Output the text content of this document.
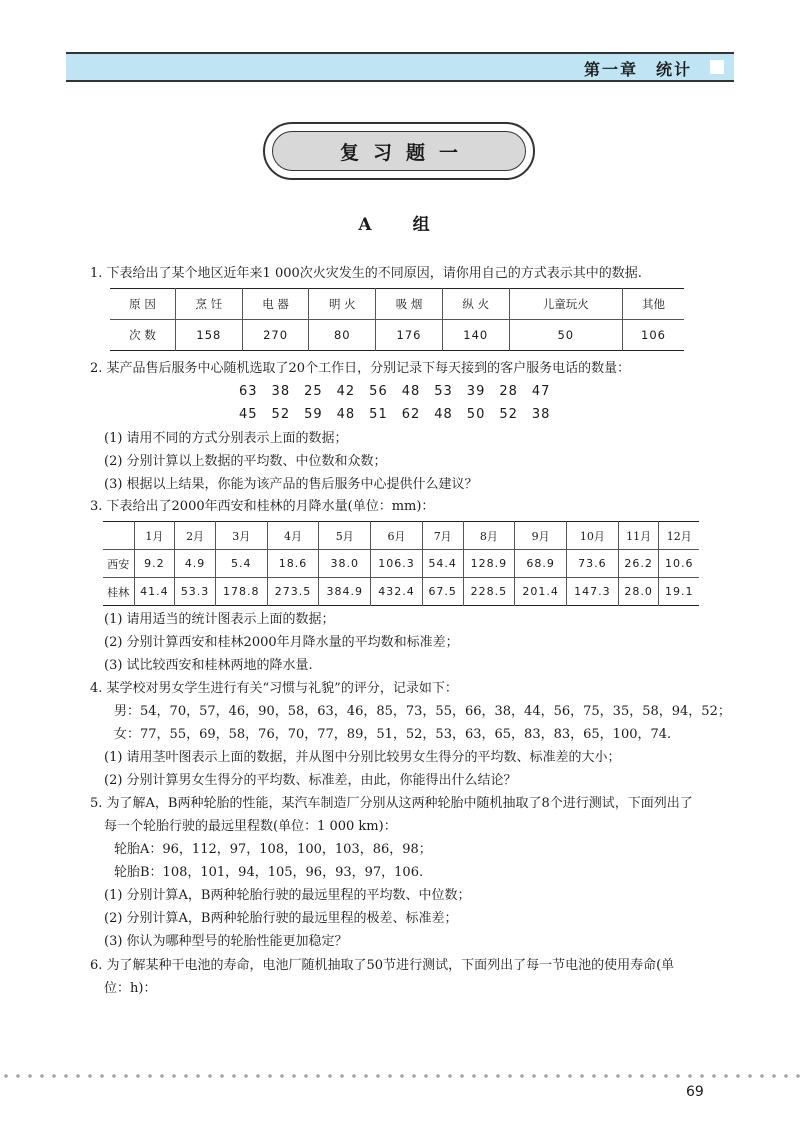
第一章　统计
复习题一
A　组
1. 下表给出了某个地区近年来1 000次火灾发生的不同原因，请你用自己的方式表示其中的数据.
原 因	烹 饪	电 器	明 火	吸 烟	纵 火	儿童玩火	其他
次 数	158	270	80	176	140	50	106
2. 某产品售后服务中心随机选取了20个工作日，分别记录下每天接到的客户服务电话的数量：
63　38　25　42　56　48　53　39　28　47
45　52　59　48　51　62　48　50　52　38
(1) 请用不同的方式分别表示上面的数据；
(2) 分别计算以上数据的平均数、中位数和众数；
(3) 根据以上结果，你能为该产品的售后服务中心提供什么建议？
3. 下表给出了2000年西安和桂林的月降水量(单位：mm)：
	1月	2月	3月	4月	5月	6月	7月	8月	9月	10月	11月	12月
西安	9.2	4.9	5.4	18.6	38.0	106.3	54.4	128.9	68.9	73.6	26.2	10.6
桂林	41.4	53.3	178.8	273.5	384.9	432.4	67.5	228.5	201.4	147.3	28.0	19.1
(1) 请用适当的统计图表示上面的数据；
(2) 分别计算西安和桂林2000年月降水量的平均数和标准差；
(3) 试比较西安和桂林两地的降水量.
4. 某学校对男女学生进行有关“习惯与礼貌”的评分，记录如下：
男：54，70，57，46，90，58，63，46，85，73，55，66，38，44，56，75，35，58，94，52；
女：77，55，69，58，76，70，77，89，51，52，53，63，65，83，83，65，100，74.
(1) 请用茎叶图表示上面的数据，并从图中分别比较男女生得分的平均数、标准差的大小；
(2) 分别计算男女生得分的平均数、标准差，由此，你能得出什么结论？
5. 为了解A，B两种轮胎的性能，某汽车制造厂分别从这两种轮胎中随机抽取了8个进行测试，下面列出了
每一个轮胎行驶的最远里程数(单位：1 000 km)：
轮胎A：96，112，97，108，100，103，86，98；
轮胎B：108，101，94，105，96，93，97，106.
(1) 分别计算A，B两种轮胎行驶的最远里程的平均数、中位数；
(2) 分别计算A，B两种轮胎行驶的最远里程的极差、标准差；
(3) 你认为哪种型号的轮胎性能更加稳定？
6. 为了解某种干电池的寿命，电池厂随机抽取了50节进行测试，下面列出了每一节电池的使用寿命(单
位：h)：
69
